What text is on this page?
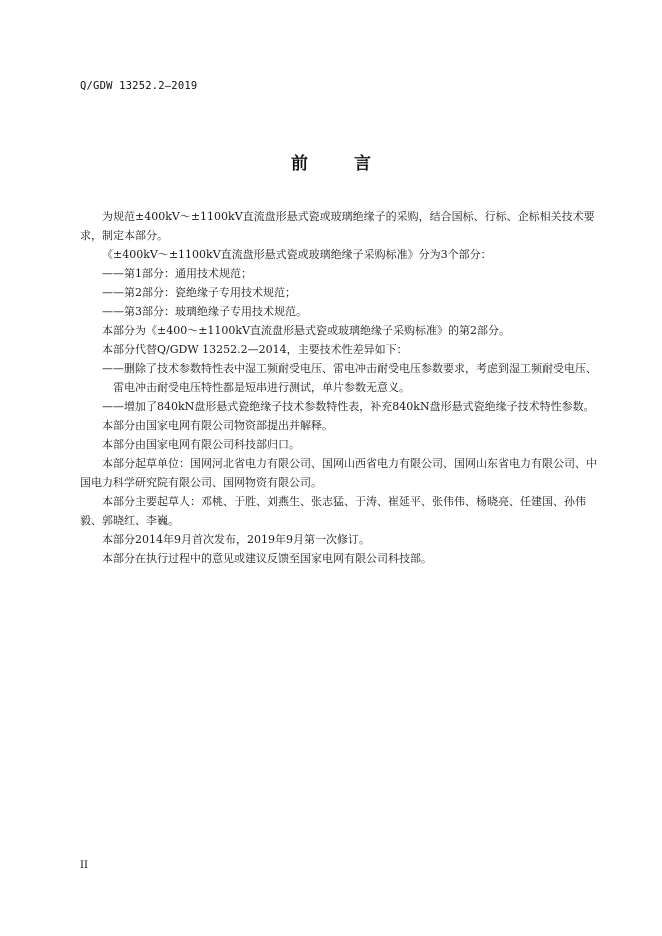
Q/GDW 13252.2—2019
前 言

为规范±400kV～±1100kV直流盘形悬式瓷或玻璃绝缘子的采购，结合国标、行标、企标相关技术要求，制定本部分。

《±400kV～±1100kV直流盘形悬式瓷或玻璃绝缘子采购标准》分为3个部分：

——第1部分：通用技术规范；

——第2部分：瓷绝缘子专用技术规范；

——第3部分：玻璃绝缘子专用技术规范。

本部分为《±400～±1100kV直流盘形悬式瓷或玻璃绝缘子采购标准》的第2部分。

本部分代替Q/GDW 13252.2—2014，主要技术性差异如下：

——删除了技术参数特性表中湿工频耐受电压、雷电冲击耐受电压参数要求，考虑到湿工频耐受电压、雷电冲击耐受电压特性都是短串进行测试，单片参数无意义。

——增加了840kN盘形悬式瓷绝缘子技术参数特性表，补充840kN盘形悬式瓷绝缘子技术特性参数。

本部分由国家电网有限公司物资部提出并解释。

本部分由国家电网有限公司科技部归口。

本部分起草单位：国网河北省电力有限公司、国网山西省电力有限公司、国网山东省电力有限公司、中国电力科学研究院有限公司、国网物资有限公司。

本部分主要起草人：邓桃、于胜、刘燕生、张志猛、于涛、崔延平、张伟伟、杨晓亮、任建国、孙伟毅、郭晓红、李巍。

本部分2014年9月首次发布，2019年9月第一次修订。

本部分在执行过程中的意见或建议反馈至国家电网有限公司科技部。

II
